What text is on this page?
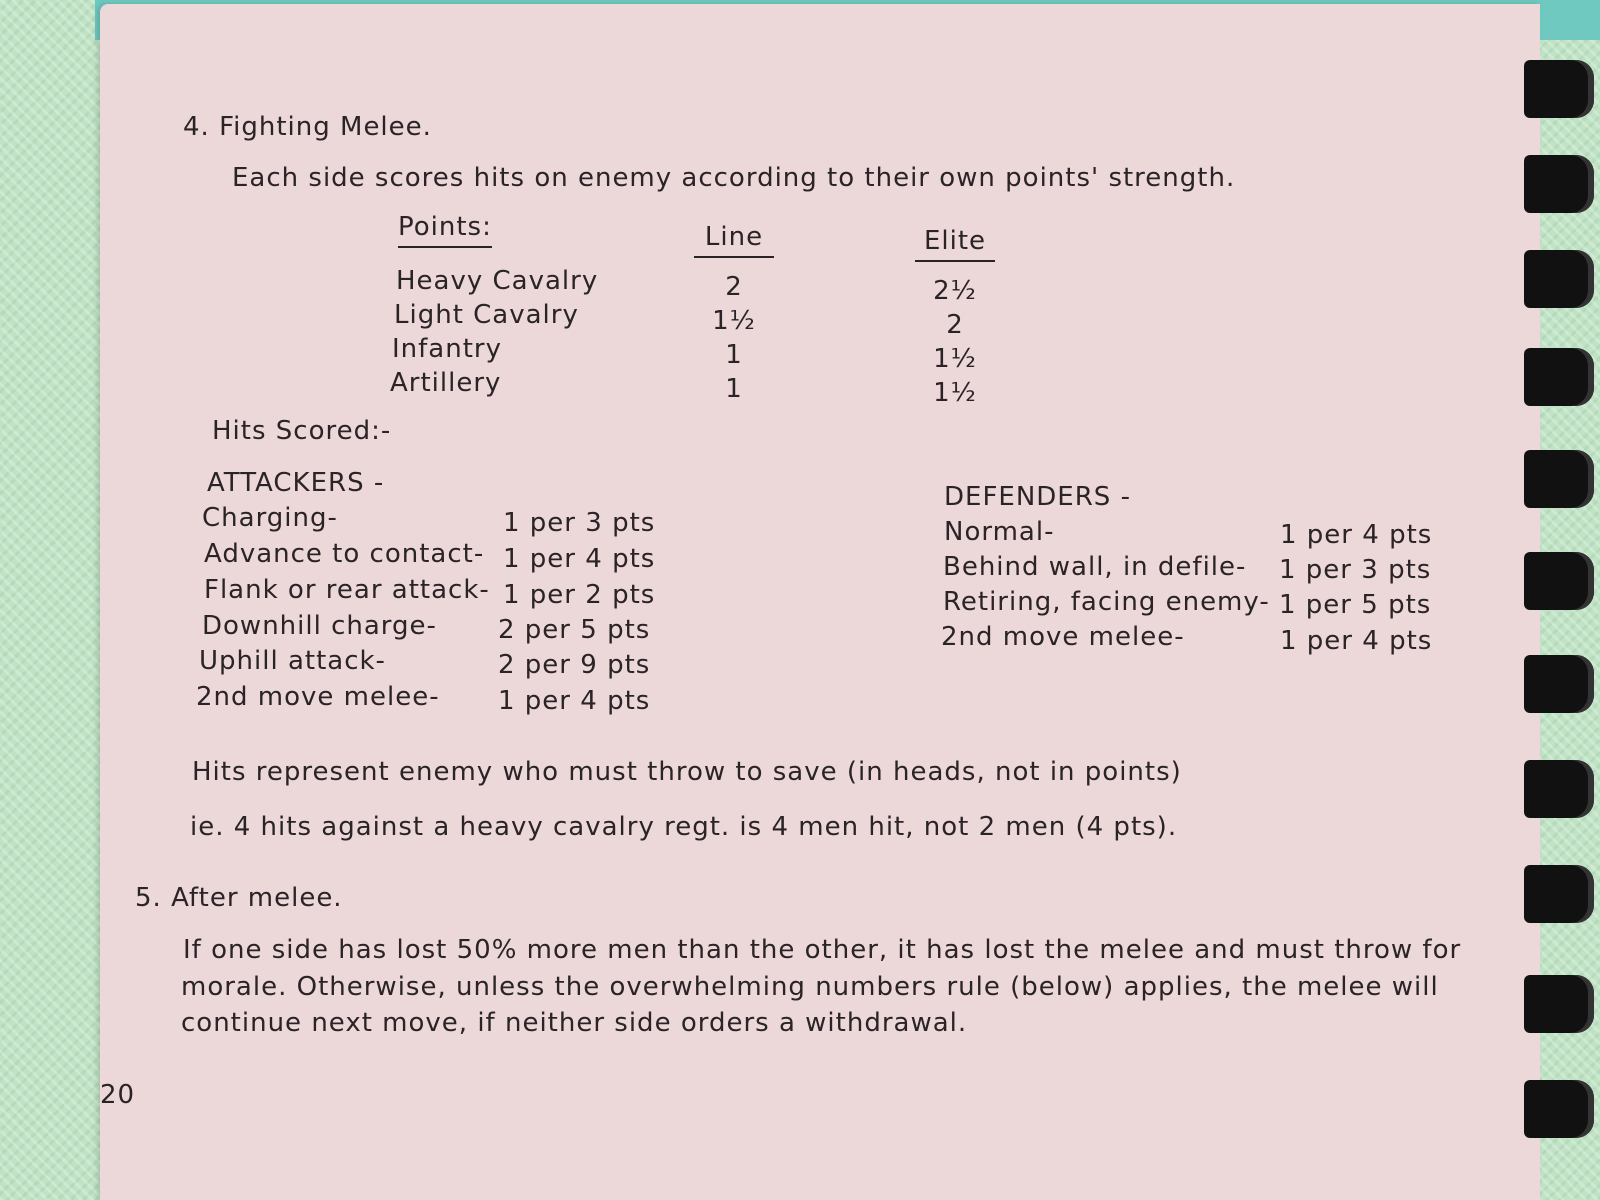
4. Fighting Melee.
Each side scores hits on enemy according to their own points' strength.
Points:	Line	Elite
Heavy Cavalry
Light Cavalry
Infantry
Artillery
2
1½
1
1
2½
2
1½
1½
Hits Scored:-
ATTACKERS -
Charging-
Advance to contact-
Flank or rear attack-
Downhill charge-
Uphill attack-
2nd move melee-
1 per 3 pts
1 per 4 pts
1 per 2 pts
2 per 5 pts
2 per 9 pts
1 per 4 pts
DEFENDERS -
Normal-
Behind wall, in defile-
Retiring, facing enemy-
2nd move melee-
1 per 4 pts
1 per 3 pts
1 per 5 pts
1 per 4 pts
Hits represent enemy who must throw to save (in heads, not in points)
ie. 4 hits against a heavy cavalry regt. is 4 men hit, not 2 men (4 pts).
5. After melee.
If one side has lost 50% more men than the other, it has lost the melee and must throw for
morale. Otherwise, unless the overwhelming numbers rule (below) applies, the melee will
continue next move, if neither side orders a withdrawal.
20
